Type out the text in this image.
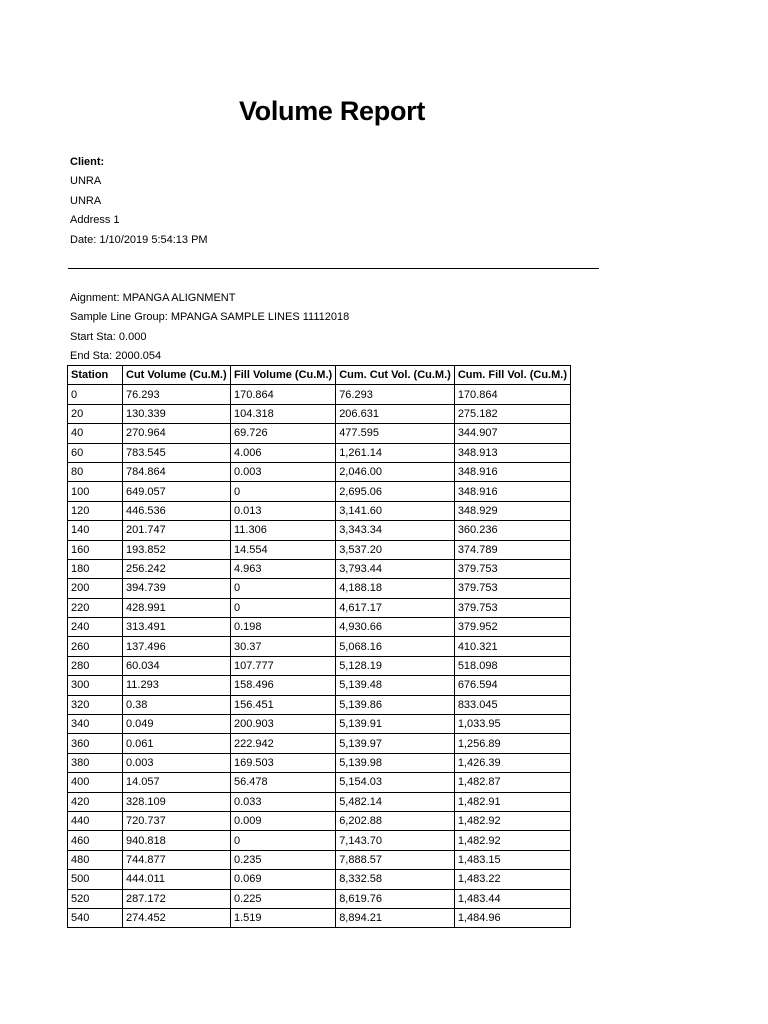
Volume Report
Client:
UNRA
UNRA
Address 1
Date: 1/10/2019 5:54:13 PM
Aignment: MPANGA ALIGNMENT
Sample Line Group: MPANGA SAMPLE LINES 11112018
Start Sta: 0.000
End Sta: 2000.054
Station	Cut Volume (Cu.M.)	Fill Volume (Cu.M.)	Cum. Cut Vol. (Cu.M.)	Cum. Fill Vol. (Cu.M.)
0	76.293	170.864	76.293	170.864
20	130.339	104.318	206.631	275.182
40	270.964	69.726	477.595	344.907
60	783.545	4.006	1,261.14	348.913
80	784.864	0.003	2,046.00	348.916
100	649.057	0	2,695.06	348.916
120	446.536	0.013	3,141.60	348.929
140	201.747	11.306	3,343.34	360.236
160	193.852	14.554	3,537.20	374.789
180	256.242	4.963	3,793.44	379.753
200	394.739	0	4,188.18	379.753
220	428.991	0	4,617.17	379.753
240	313.491	0.198	4,930.66	379.952
260	137.496	30.37	5,068.16	410.321
280	60.034	107.777	5,128.19	518.098
300	11.293	158.496	5,139.48	676.594
320	0.38	156.451	5,139.86	833.045
340	0.049	200.903	5,139.91	1,033.95
360	0.061	222.942	5,139.97	1,256.89
380	0.003	169.503	5,139.98	1,426.39
400	14.057	56.478	5,154.03	1,482.87
420	328.109	0.033	5,482.14	1,482.91
440	720.737	0.009	6,202.88	1,482.92
460	940.818	0	7,143.70	1,482.92
480	744.877	0.235	7,888.57	1,483.15
500	444.011	0.069	8,332.58	1,483.22
520	287.172	0.225	8,619.76	1,483.44
540	274.452	1.519	8,894.21	1,484.96
